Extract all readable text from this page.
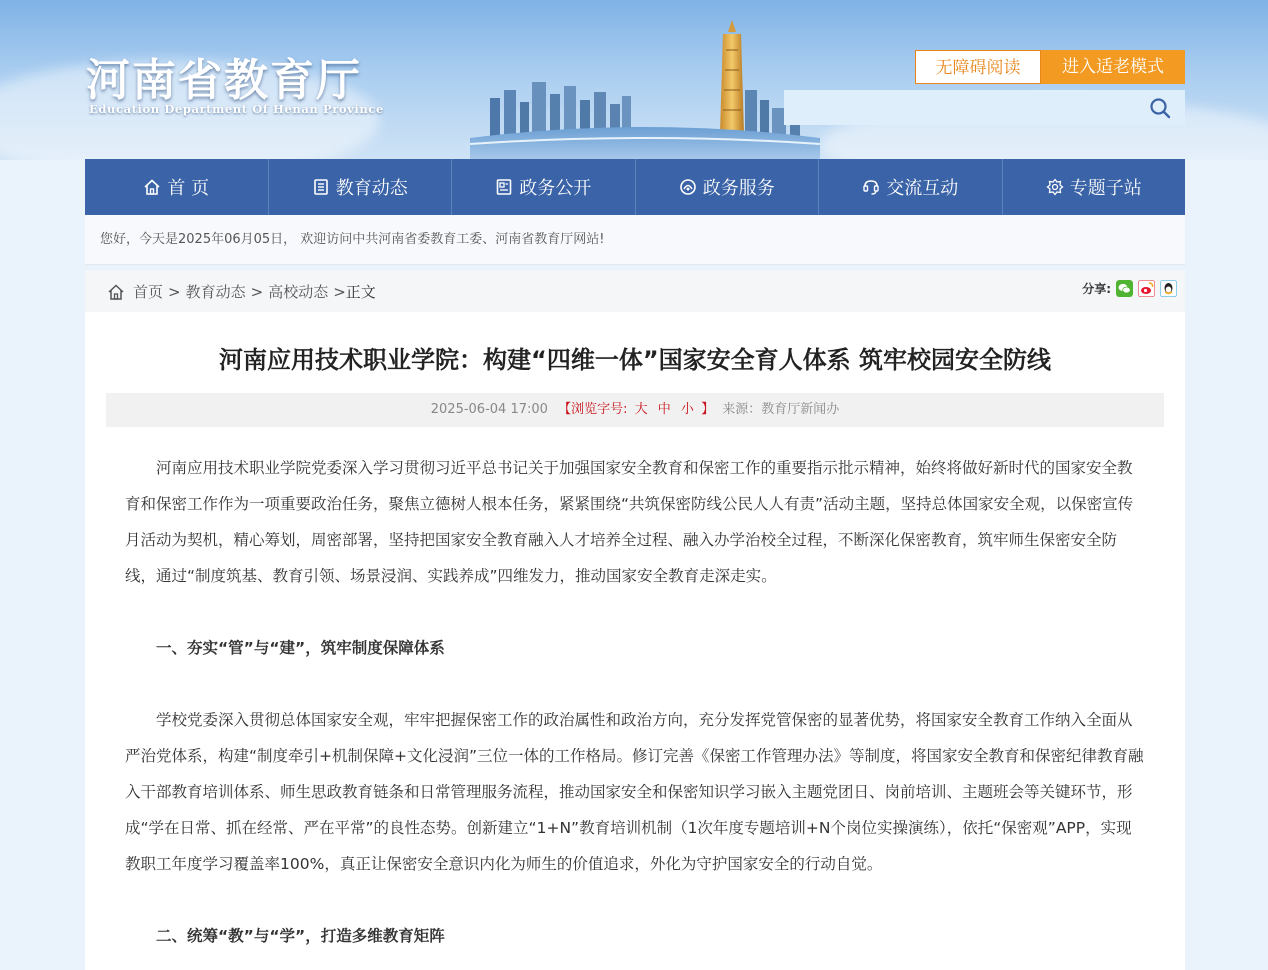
河南省教育厅
Education Department Of Henan Province
无障碍阅读	进入适老模式
首 页	教育动态	政务公开	政务服务	交流互动	专题子站
您好，今天是2025年06月05日， 欢迎访问中共河南省委教育工委、河南省教育厅网站!
首页 > 教育动态 > 高校动态 > 正文	分享:
河南应用技术职业学院：构建“四维一体”国家安全育人体系 筑牢校园安全防线
2025-06-04 17:00 【浏览字号: 大 中 小 】 来源：教育厅新闻办

河南应用技术职业学院党委深入学习贯彻习近平总书记关于加强国家安全教育和保密工作的重要指示批示精神，始终将做好新时代的国家安全教育和保密工作作为一项重要政治任务，聚焦立德树人根本任务，紧紧围绕“共筑保密防线公民人人有责”活动主题，坚持总体国家安全观，以保密宣传月活动为契机，精心筹划，周密部署，坚持把国家安全教育融入人才培养全过程、融入办学治校全过程，不断深化保密教育，筑牢师生保密安全防线，通过“制度筑基、教育引领、场景浸润、实践养成”四维发力，推动国家安全教育走深走实。

一、夯实“管”与“建”，筑牢制度保障体系

学校党委深入贯彻总体国家安全观，牢牢把握保密工作的政治属性和政治方向，充分发挥党管保密的显著优势，将国家安全教育工作纳入全面从严治党体系，构建“制度牵引+机制保障+文化浸润”三位一体的工作格局。修订完善《保密工作管理办法》等制度，将国家安全教育和保密纪律教育融入干部教育培训体系、师生思政教育链条和日常管理服务流程，推动国家安全和保密知识学习嵌入主题党团日、岗前培训、主题班会等关键环节，形成“学在日常、抓在经常、严在平常”的良性态势。创新建立“1+N”教育培训机制（1次年度专题培训+N个岗位实操演练），依托“保密观”APP，实现教职工年度学习覆盖率100%，真正让保密安全意识内化为师生的价值追求，外化为守护国家安全的行动自觉。

二、统筹“教”与“学”，打造多维教育矩阵
